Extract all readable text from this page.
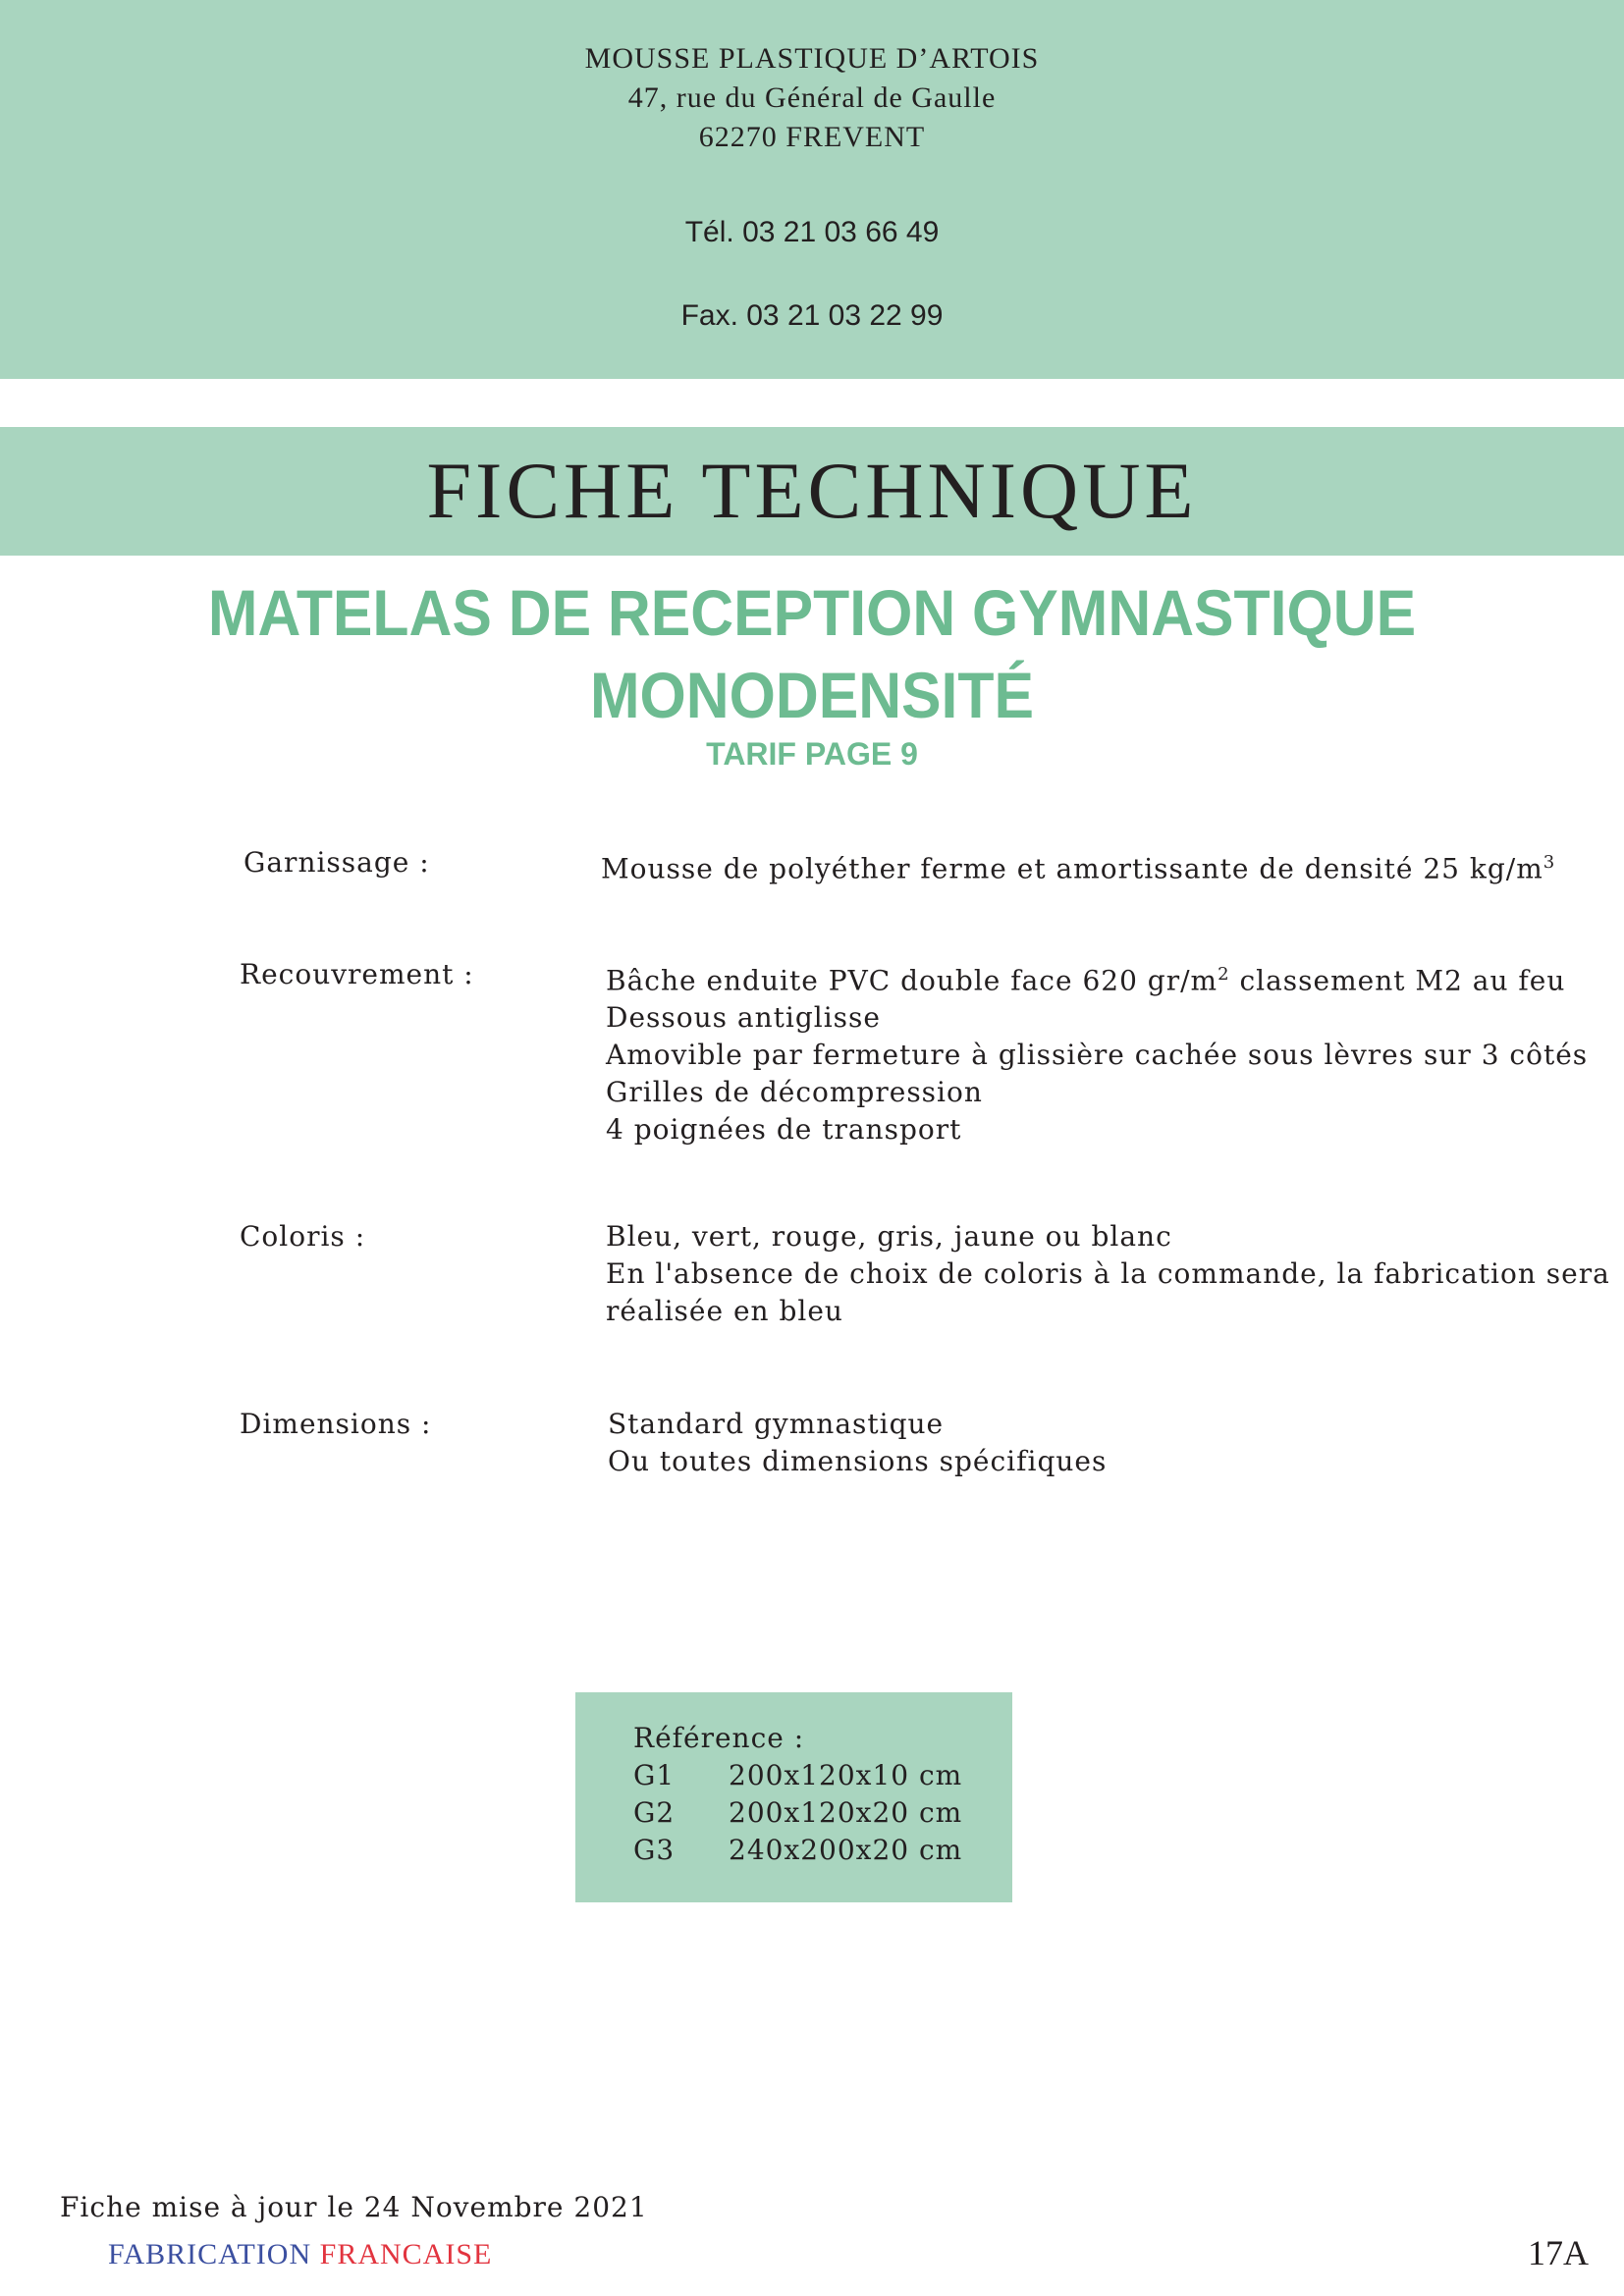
MOUSSE PLASTIQUE D’ARTOIS
47, rue du Général de Gaulle
62270 FREVENT
Tél. 03 21 03 66 49
Fax. 03 21 03 22 99
FICHE TECHNIQUE
MATELAS DE RECEPTION GYMNASTIQUE
MONODENSITÉ
TARIF PAGE 9
Garnissage :	Mousse de polyéther ferme et amortissante de densité 25 $kg/m^3$
Recouvrement :	Bâche enduite PVC double face 620 $gr/m^2$ classement M2 au feu
Dessous antiglisse
Amovible par fermeture à glissière cachée sous lèvres sur 3 côtés
Grilles de décompression
4 poignées de transport
Coloris :	Bleu, vert, rouge, gris, jaune ou blanc
En l'absence de choix de coloris à la commande, la fabrication sera
réalisée en bleu
Dimensions :	Standard gymnastique
Ou toutes dimensions spécifiques
Référence :
G1 200x120x10 cm
G2 200x120x20 cm
G3 240x200x20 cm
Fiche mise à jour le 24 Novembre 2021
FABRICATION FRANCAISE	17A
